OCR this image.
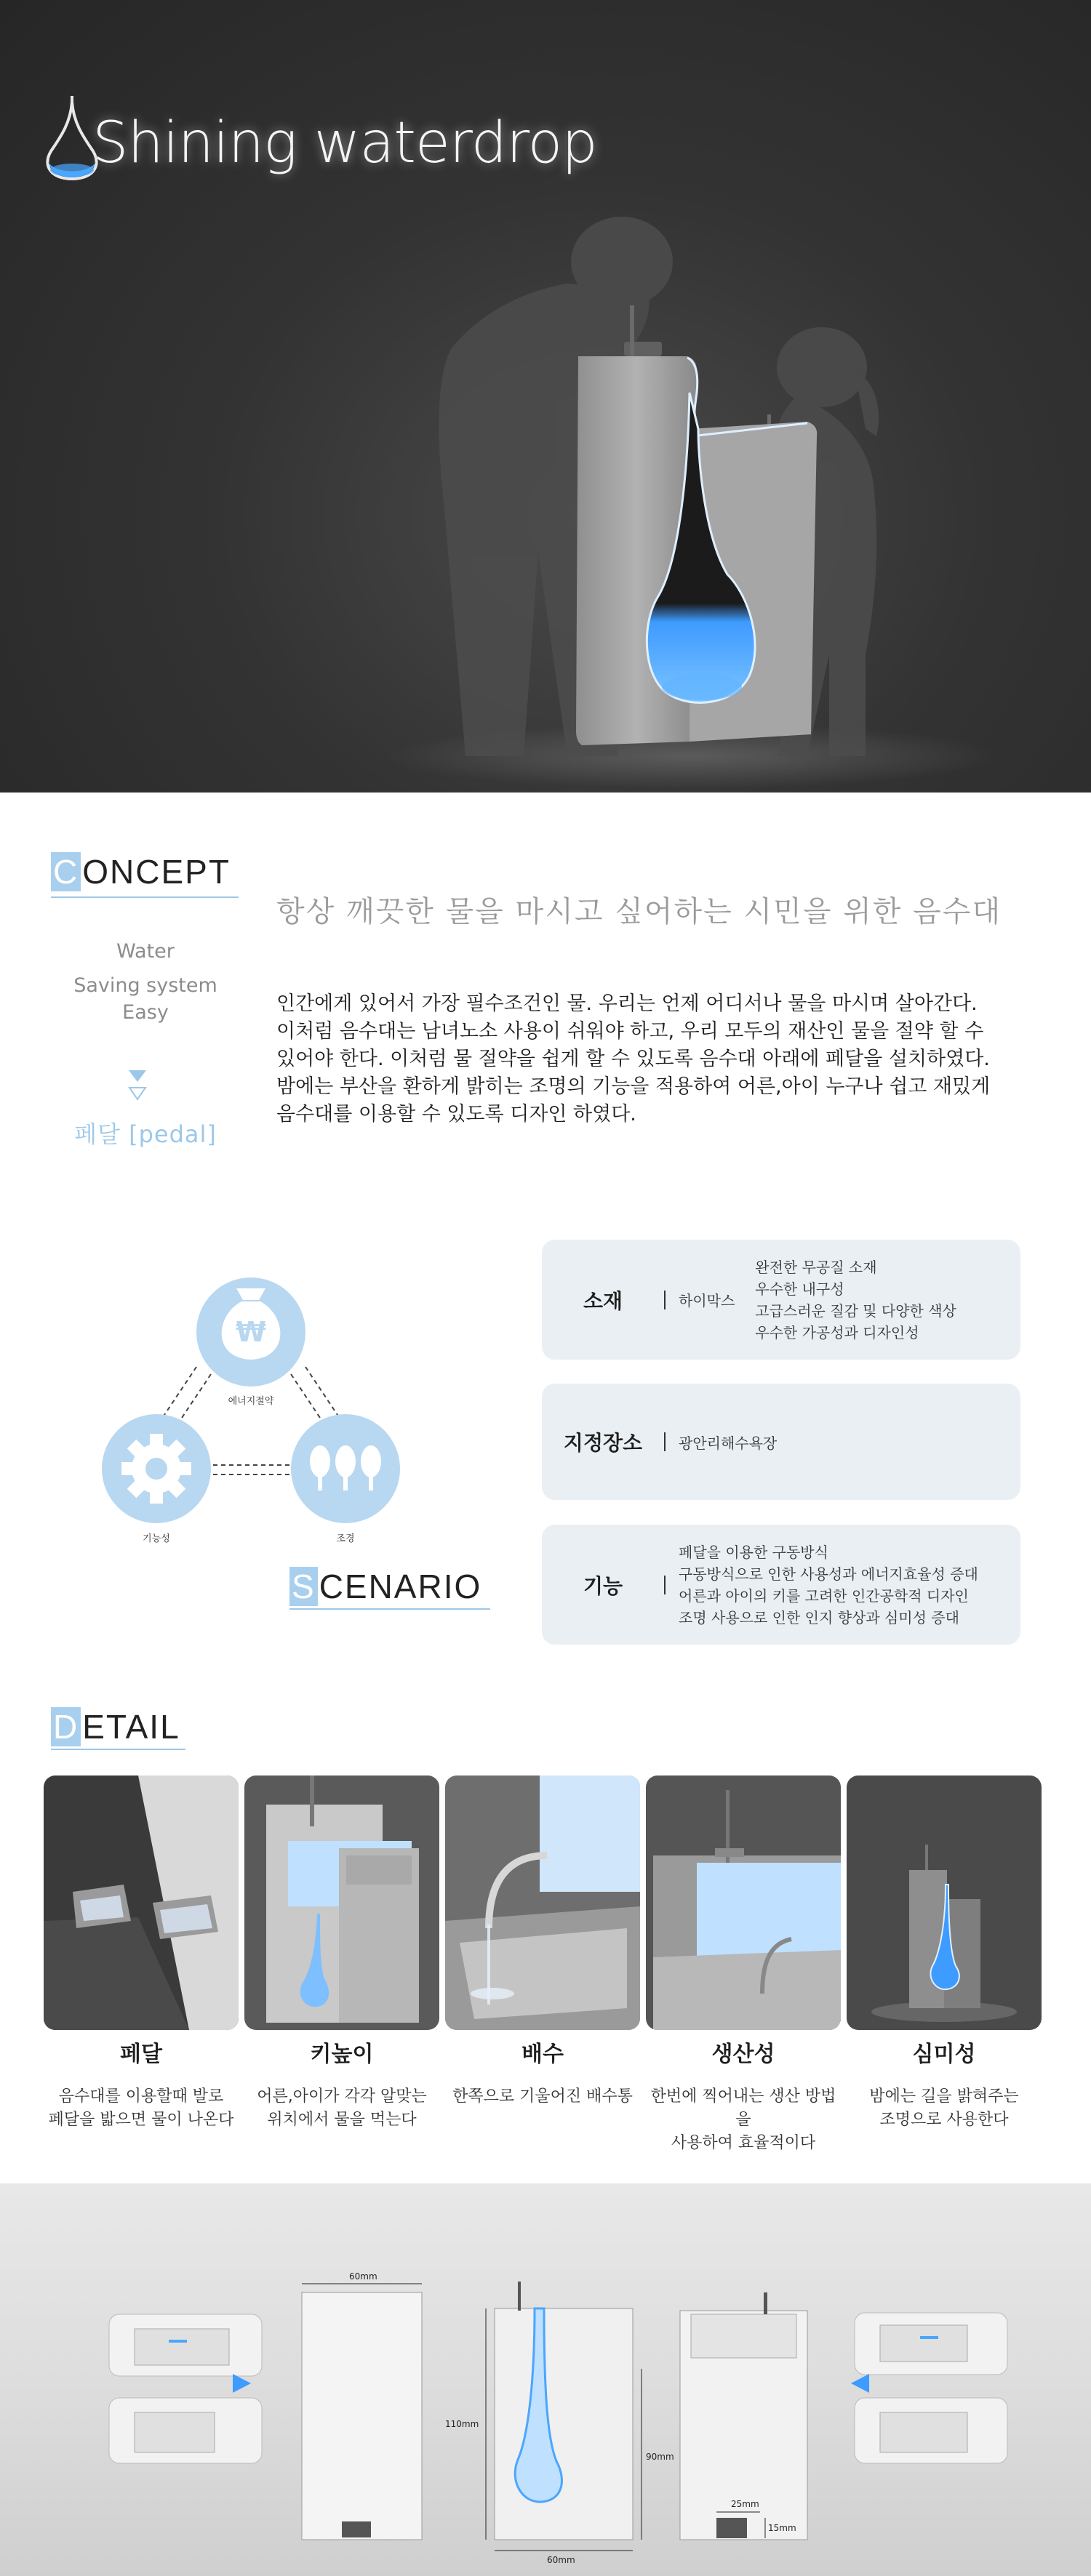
Shining waterdrop
C ONCEPT
Water
Saving system
Easy
페달 [pedal]
항상 깨끗한 물을 마시고 싶어하는 시민을 위한 음수대
인간에게 있어서 가장 필수조건인 물. 우리는 언제 어디서나 물을 마시며 살아간다.
이처럼 음수대는 남녀노소 사용이 쉬워야 하고, 우리 모두의 재산인 물을 절약 할 수
있어야 한다. 이처럼 물 절약을 쉽게 할 수 있도록 음수대 아래에 페달을 설치하였다.
밤에는 부산을 환하게 밝히는 조명의 기능을 적용하여 어른,아이 누구나 쉽고 재밌게
음수대를 이용할 수 있도록 디자인 하였다.
₩
에너지절약
기능성	조경
S CENARIO
소재	하이막스
완전한 무공질 소재
우수한 내구성
고급스러운 질감 및 다양한 색상
우수한 가공성과 디자인성
지정장소	광안리해수욕장
기능
페달을 이용한 구동방식
구동방식으로 인한 사용성과 에너지효율성 증대
어른과 아이의 키를 고려한 인간공학적 디자인
조명 사용으로 인한 인지 향상과 심미성 증대
D ETAIL
페달
음수대를 이용할때 발로
페달을 밟으면 물이 나온다
키높이
어른,아이가 각각 알맞는
위치에서 물을 먹는다
배수
한쪽으로 기울어진 배수통
생산성
한번에 찍어내는 생산 방법을
사용하여 효율적이다
심미성
밤에는 길을 밝혀주는
조명으로 사용한다
60mm
110mm
60mm
90mm
25mm
15mm
